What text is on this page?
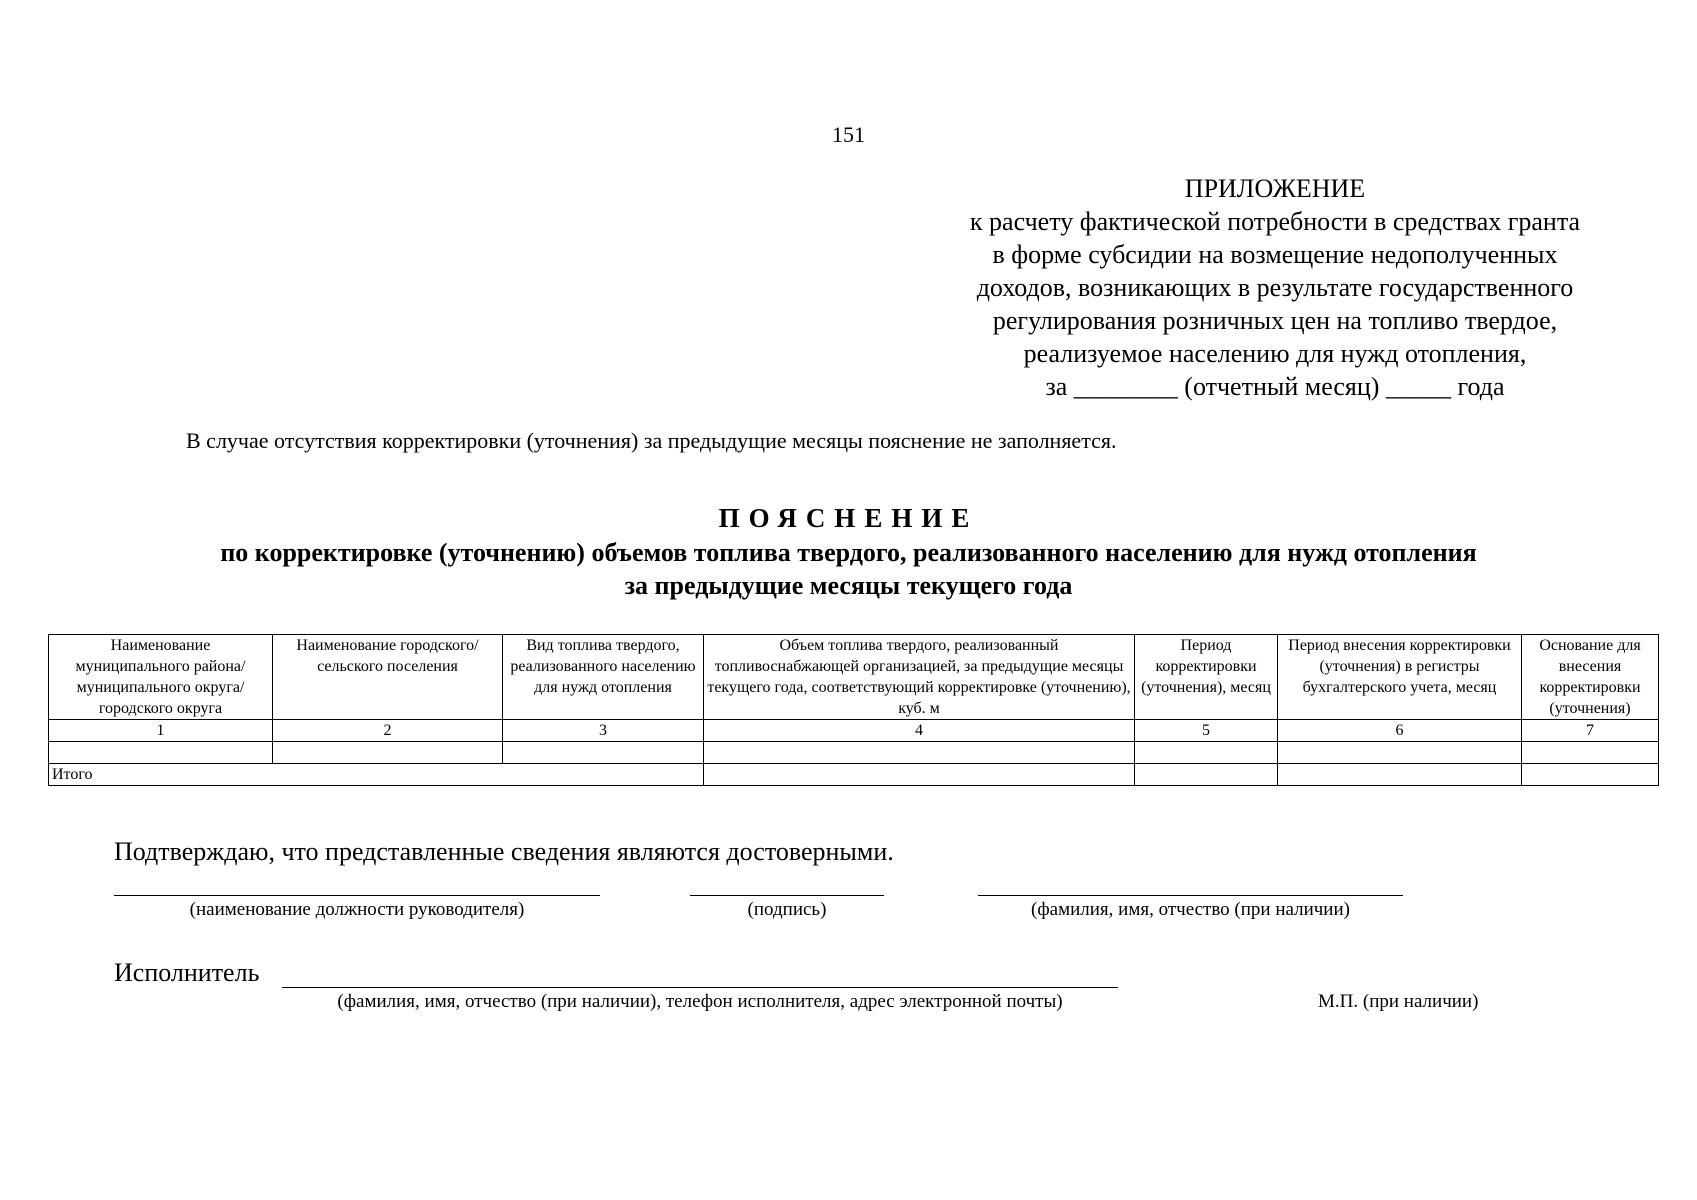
151
ПРИЛОЖЕНИЕ
к расчету фактической потребности в средствах гранта
в форме субсидии на возмещение недополученных
доходов, возникающих в результате государственного
регулирования розничных цен на топливо твердое,
реализуемое населению для нужд отопления,
за ________ (отчетный месяц) _____ года
В случае отсутствия корректировки (уточнения) за предыдущие месяцы пояснение не заполняется.
ПОЯСНЕНИЕ
по корректировке (уточнению) объемов топлива твердого, реализованного населению для нужд отопления
за предыдущие месяцы текущего года
Наименование муниципального района/ муниципального округа/ городского округа	Наименование городского/ сельского поселения	Вид топлива твердого, реализованного населению для нужд отопления	Объем топлива твердого, реализованный топливоснабжающей организацией, за предыдущие месяцы текущего года, соответствующий корректировке (уточнению), куб. м	Период корректировки (уточнения), месяц	Период внесения корректировки (уточнения) в регистры бухгалтерского учета, месяц	Основание для внесения корректировки (уточнения)
1	2	3	4	5	6	7

Итого						
Подтверждаю, что представленные сведения являются достоверными.
(наименование должности руководителя)	(подпись)	(фамилия, имя, отчество (при наличии)
Исполнитель
(фамилия, имя, отчество (при наличии), телефон исполнителя, адрес электронной почты)	М.П. (при наличии)
